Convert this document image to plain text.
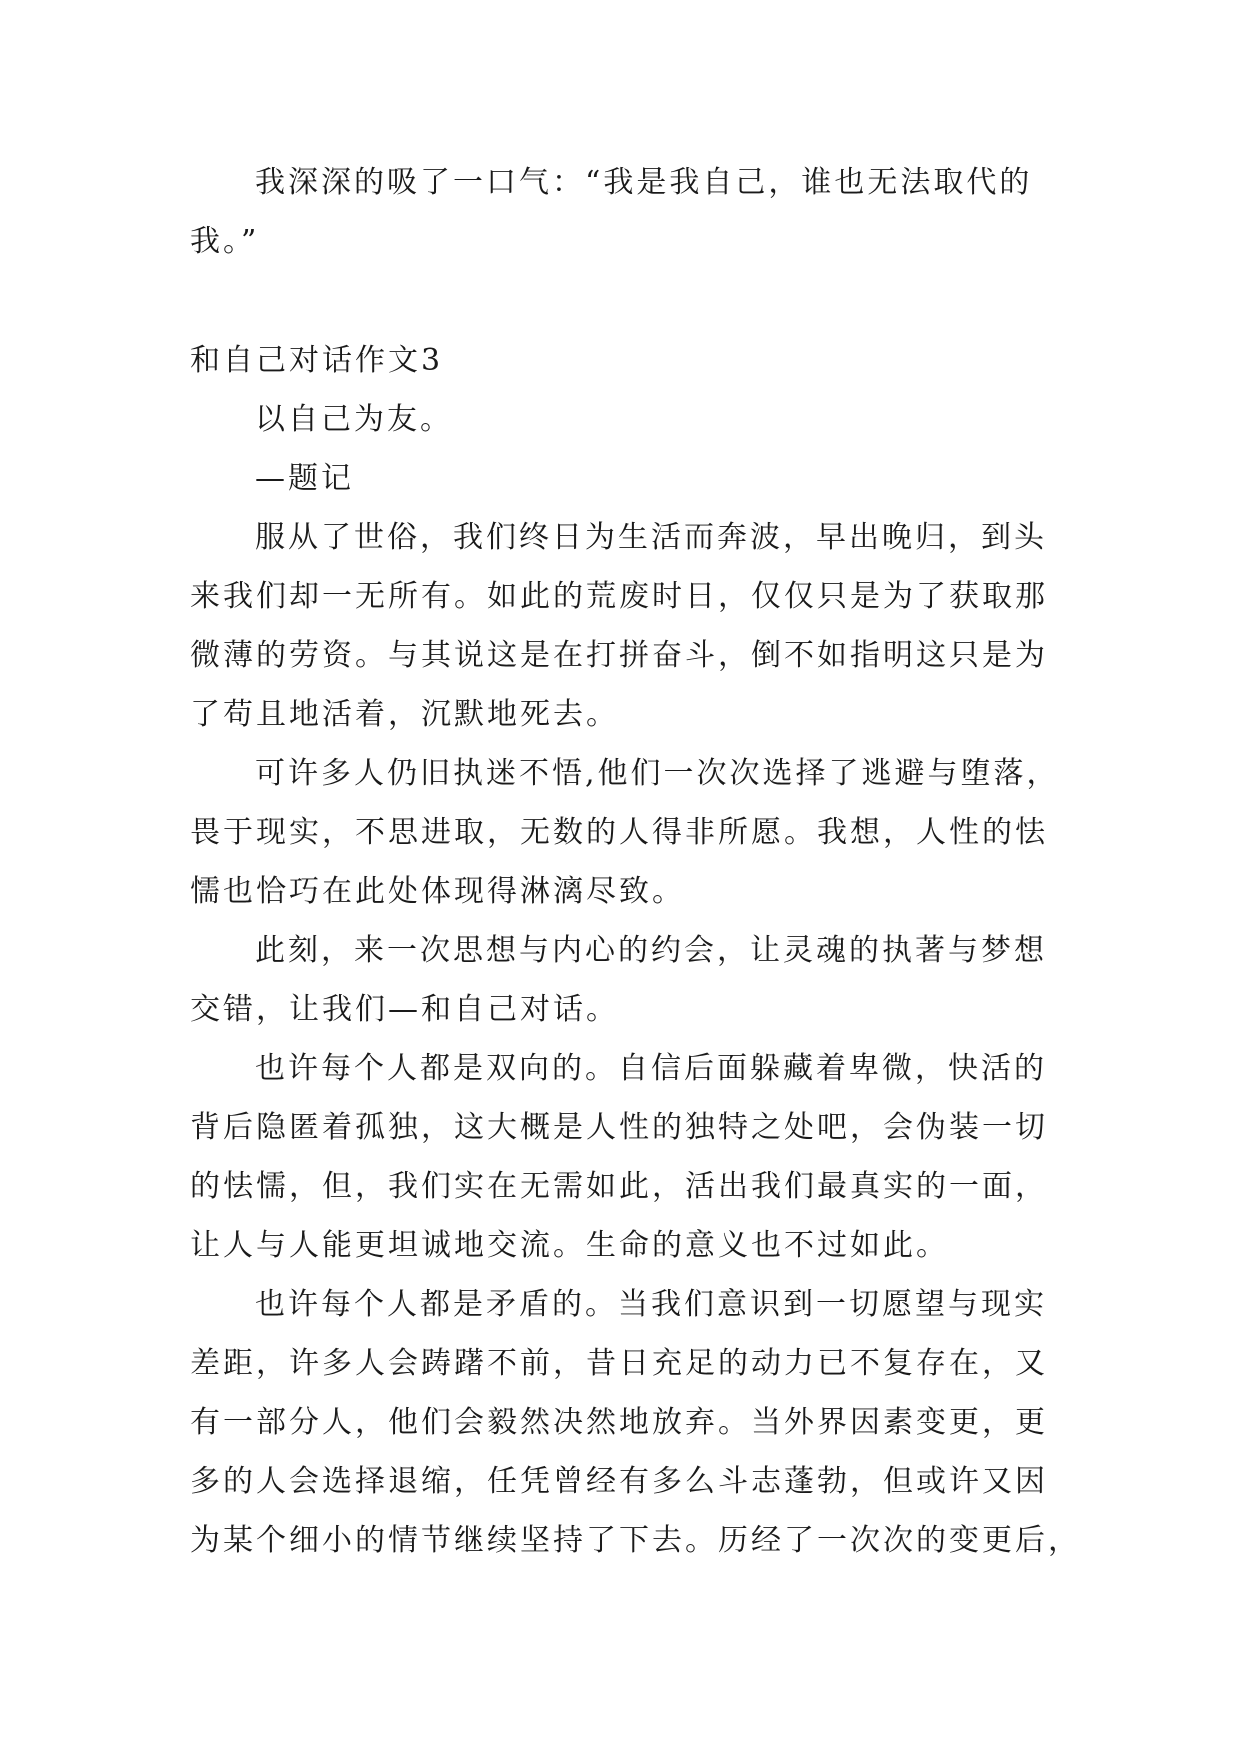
我深深的吸了一口气：“我是我自己，谁也无法取代的
我。”
和自己对话作文3
以自己为友。
—题记
服从了世俗，我们终日为生活而奔波，早出晚归，到头
来我们却一无所有。如此的荒废时日，仅仅只是为了获取那
微薄的劳资。与其说这是在打拼奋斗，倒不如指明这只是为
了苟且地活着，沉默地死去。
可许多人仍旧执迷不悟,他们一次次选择了逃避与堕落，
畏于现实，不思进取，无数的人得非所愿。我想，人性的怯
懦也恰巧在此处体现得淋漓尽致。
此刻，来一次思想与内心的约会，让灵魂的执著与梦想
交错，让我们—和自己对话。
也许每个人都是双向的。自信后面躲藏着卑微，快活的
背后隐匿着孤独，这大概是人性的独特之处吧，会伪装一切
的怯懦，但，我们实在无需如此，活出我们最真实的一面，
让人与人能更坦诚地交流。生命的意义也不过如此。
也许每个人都是矛盾的。当我们意识到一切愿望与现实
差距，许多人会踌躇不前，昔日充足的动力已不复存在，又
有一部分人，他们会毅然决然地放弃。当外界因素变更，更
多的人会选择退缩，任凭曾经有多么斗志蓬勃，但或许又因
为某个细小的情节继续坚持了下去。历经了一次次的变更后，
